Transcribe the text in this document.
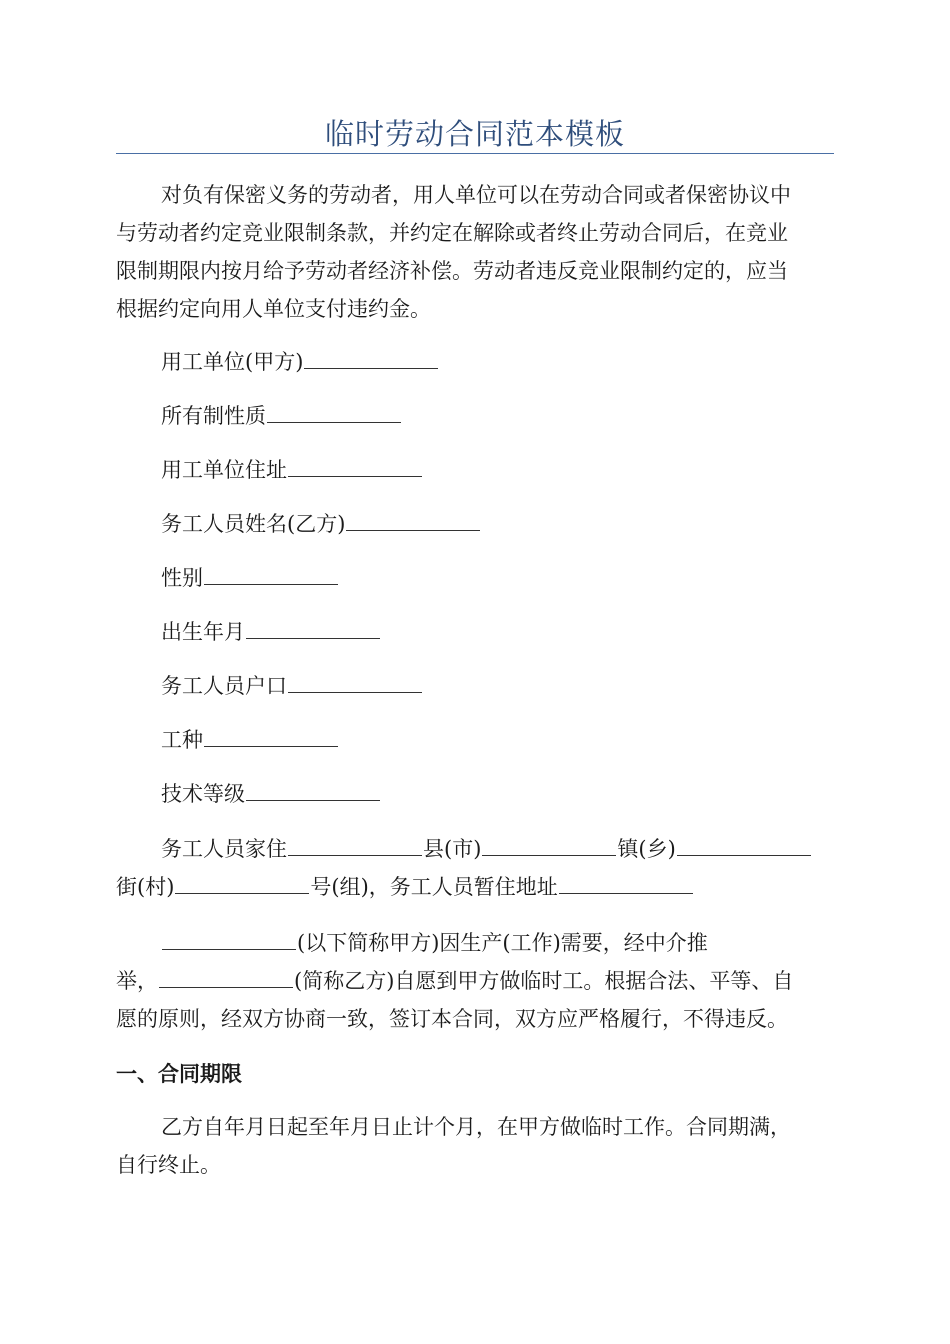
临时劳动合同范本模板
对负有保密义务的劳动者，用人单位可以在劳动合同或者保密协议中
与劳动者约定竞业限制条款，并约定在解除或者终止劳动合同后，在竞业
限制期限内按月给予劳动者经济补偿。劳动者违反竞业限制约定的，应当
根据约定向用人单位支付违约金。
用工单位(甲方)
所有制性质
用工单位住址
务工人员姓名(乙方)
性别
出生年月
务工人员户口
工种
技术等级
务工人员家住	县(市)	镇(乡)
街(村)	号(组)，务工人员暂住地址
(以下简称甲方)因生产(工作)需要，经中介推
举，	(简称乙方)自愿到甲方做临时工。根据合法、平等、自
愿的原则，经双方协商一致，签订本合同，双方应严格履行，不得违反。
一、合同期限
乙方自年月日起至年月日止计个月，在甲方做临时工作。合同期满，
自行终止。
